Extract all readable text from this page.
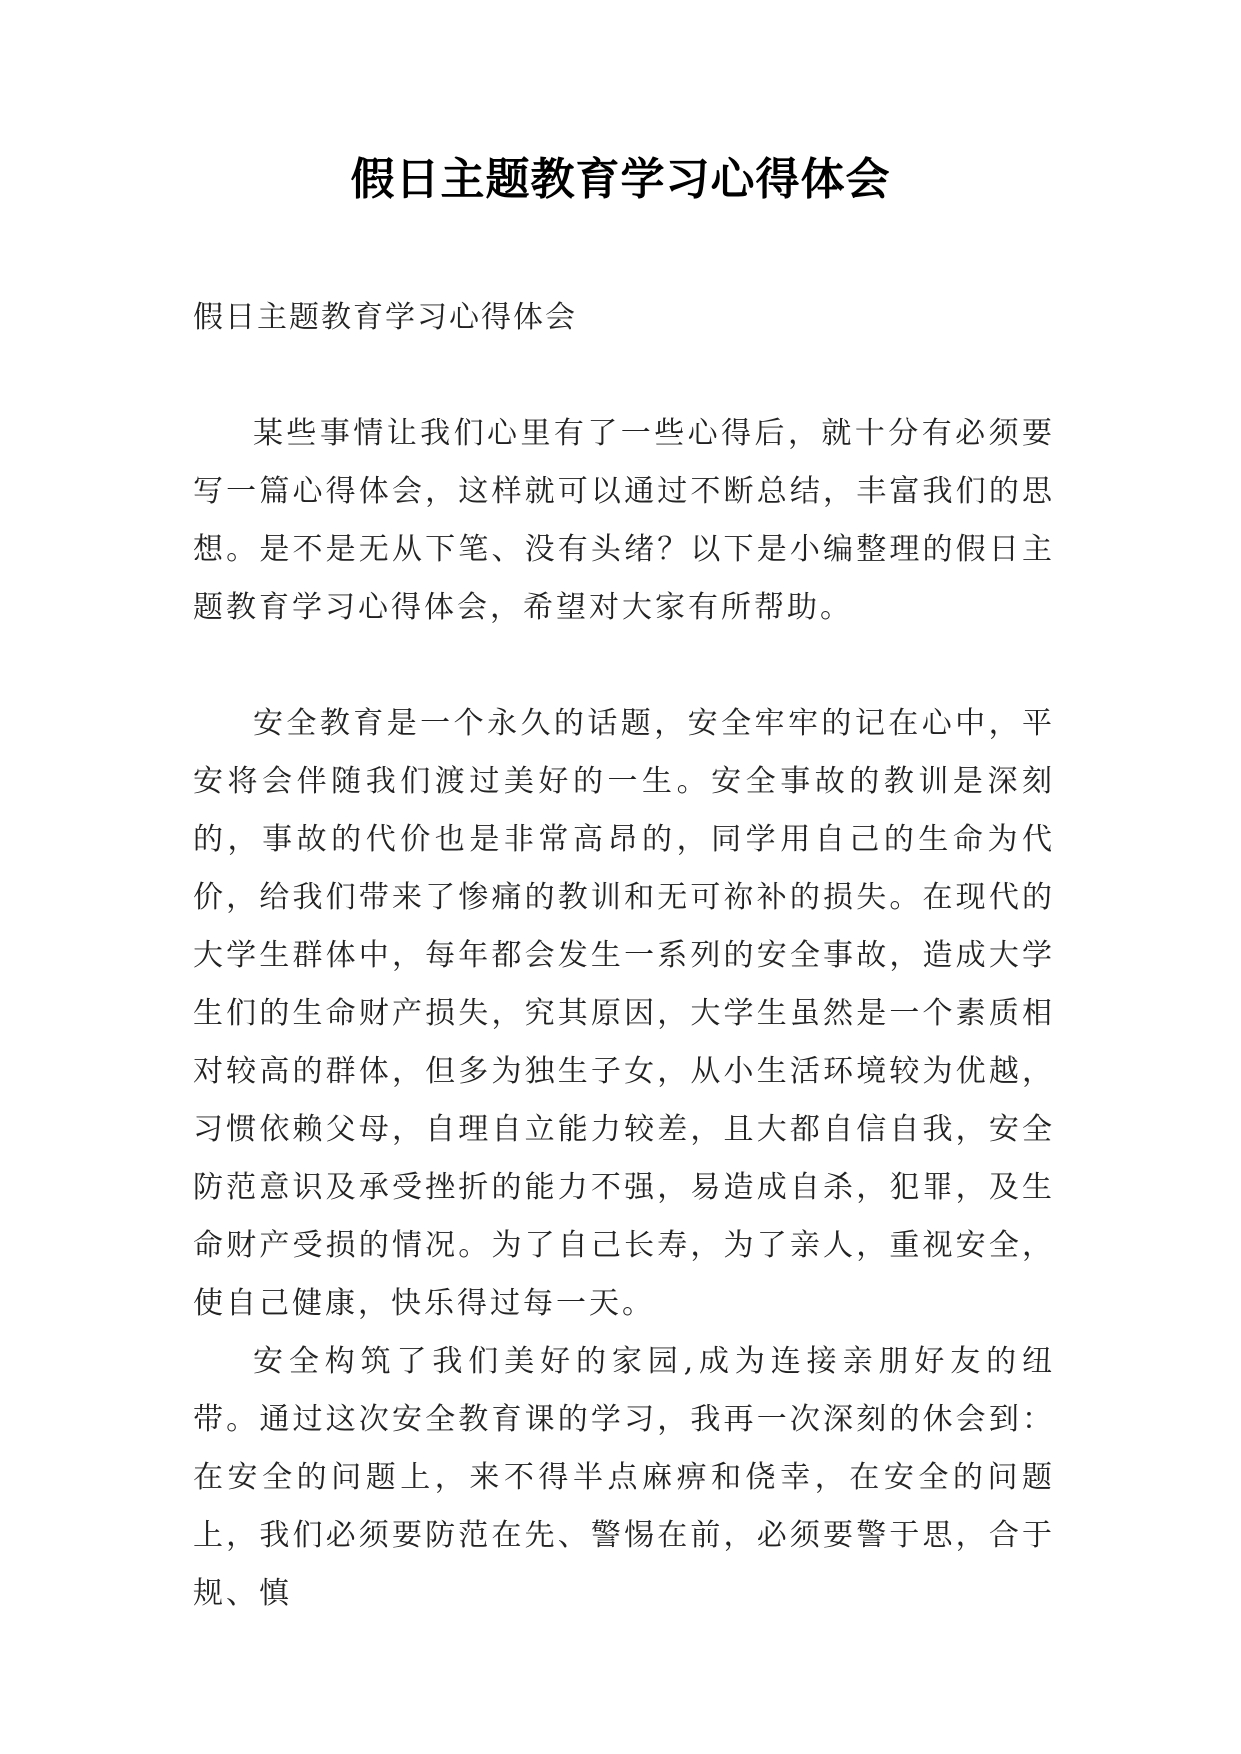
假日主题教育学习心得体会

假日主题教育学习心得体会

某些事情让我们心里有了一些心得后，就十分有必须要写一篇心得体会，这样就可以通过不断总结，丰富我们的思想。是不是无从下笔、没有头绪？以下是小编整理的假日主题教育学习心得体会，希望对大家有所帮助。

安全教育是一个永久的话题，安全牢牢的记在心中，平安将会伴随我们渡过美好的一生。安全事故的教训是深刻的，事故的代价也是非常高昂的，同学用自己的生命为代价，给我们带来了惨痛的教训和无可祢补的损失。在现代的大学生群体中，每年都会发生一系列的安全事故，造成大学生们的生命财产损失，究其原因，大学生虽然是一个素质相对较高的群体，但多为独生子女，从小生活环境较为优越，习惯依赖父母，自理自立能力较差，且大都自信自我，安全防范意识及承受挫折的能力不强，易造成自杀，犯罪，及生命财产受损的情况。为了自己长寿，为了亲人，重视安全，使自己健康，快乐得过每一天。

安全构筑了我们美好的家园,成为连接亲朋好友的纽带。通过这次安全教育课的学习，我再一次深刻的休会到：在安全的问题上，来不得半点麻痹和侥幸，在安全的问题上，我们必须要防范在先、警惕在前，必须要警于思，合于规、慎
